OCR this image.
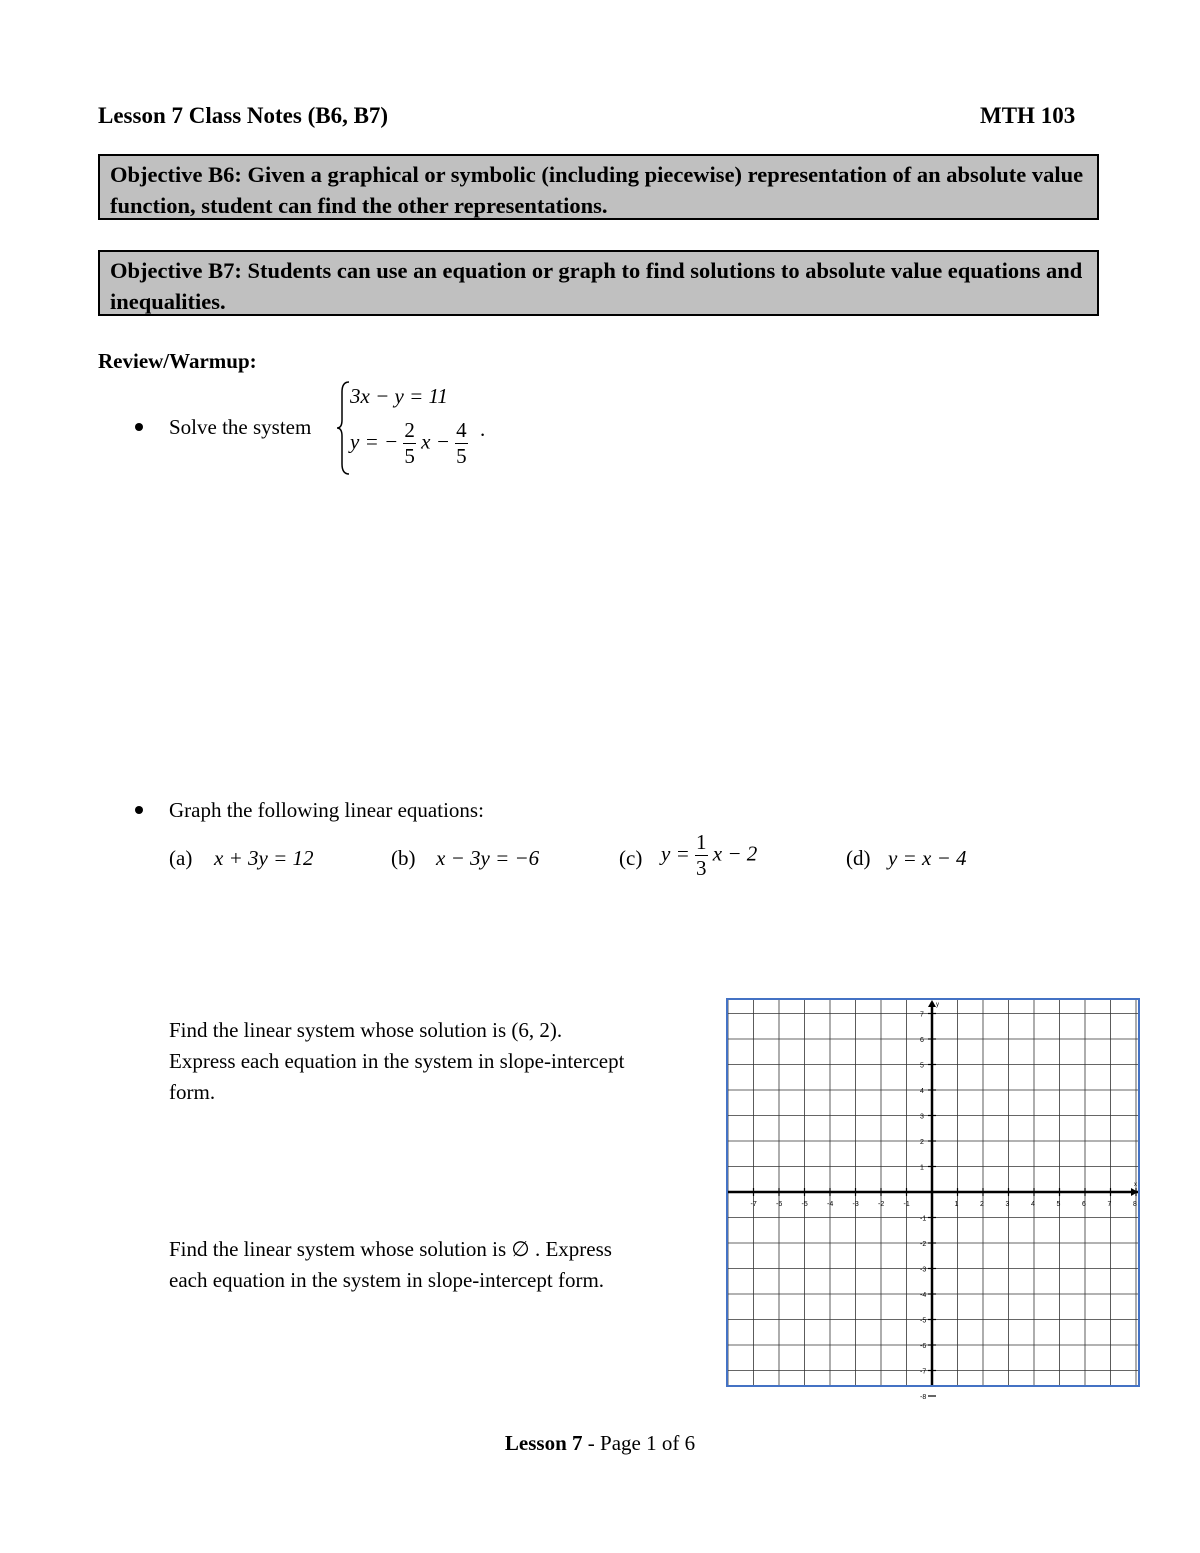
Lesson 7 Class Notes (B6, B7)	MTH 103
Objective B6: Given a graphical or symbolic (including piecewise) representation of an absolute value function, student can find the other representations.
Objective B7: Students can use an equation or graph to find solutions to absolute value equations and inequalities.
Review/Warmup:
Solve the system
3x − y = 11
y = − $\frac{2}{5}$ $x - \frac{4}{5}$ .
Graph the following linear equations:
(a) x + 3y = 12	(b) x − 3y = −6	(c) $y = \frac{1}{3}$ x − 2	(d) y = x − 4
Find the linear system whose solution is (6, 2).
Express each equation in the system in slope-intercept
form.
Find the linear system whose solution is ∅ . Express
each equation in the system in slope-intercept form.
x
y
-7	-6	-5	-4	-3	-2	-1	1	2	3	4	5	6	7	8
7
6
5
4
3
2
1
-1
-2
-3
-4
-5
-6
-7
-8
Lesson 7 - Page 1 of 6
